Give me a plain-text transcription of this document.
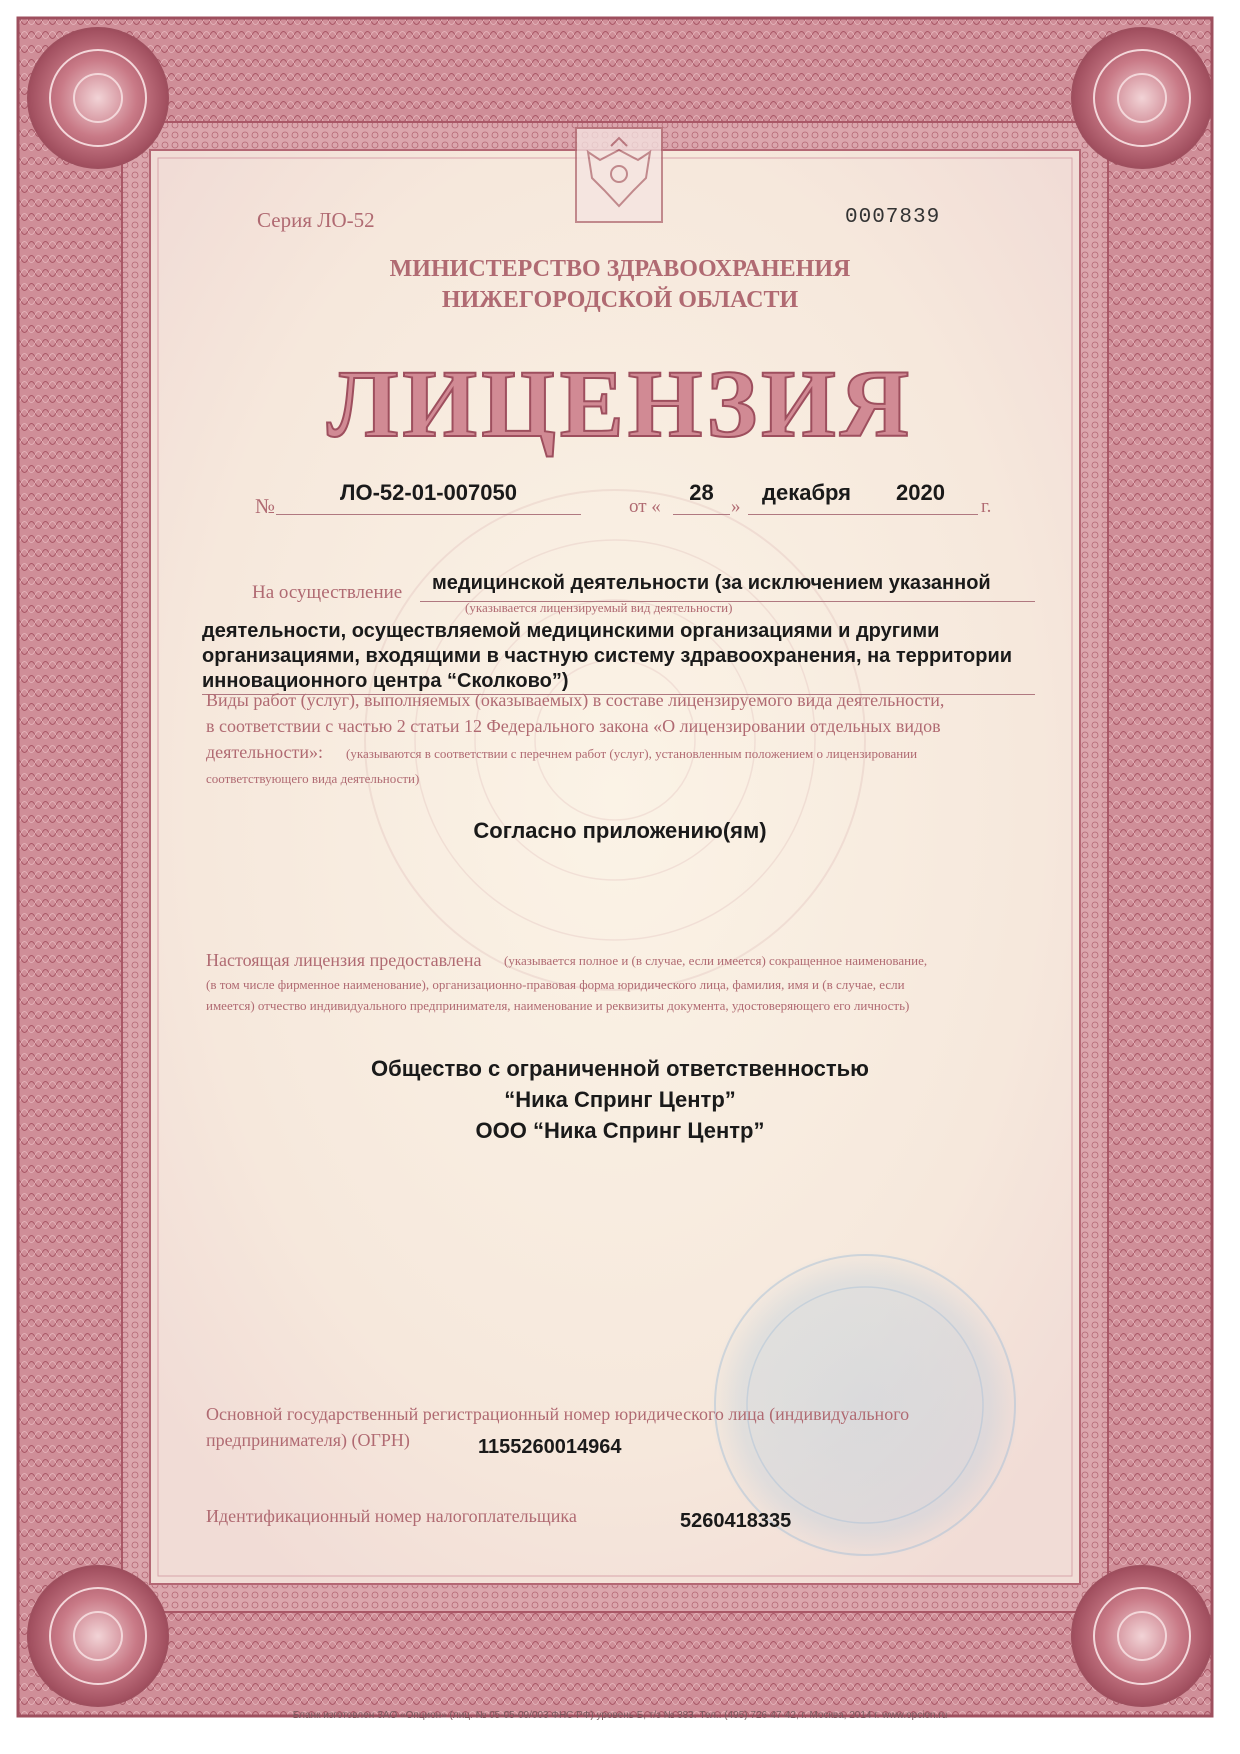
Серия ЛО-52	0007839
МИНИСТЕРСТВО ЗДРАВООХРАНЕНИЯ
НИЖЕГОРОДСКОЙ ОБЛАСТИ
ЛИЦЕНЗИЯ
№
ЛО-52-01-007050
от «
28
»
декабря 2020
г.
На осуществление медицинской деятельности (за исключением указанной
(указывается лицензируемый вид деятельности)
деятельности, осуществляемой медицинскими организациями и другими
организациями, входящими в частную систему здравоохранения, на территории
инновационного центра “Сколково”)
Виды работ (услуг), выполняемых (оказываемых) в составе лицензируемого вида деятельности,
в соответствии с частью 2 статьи 12 Федерального закона «О лицензировании отдельных видов
деятельности»: (указываются в соответствии с перечнем работ (услуг), установленным положением о лицензировании
соответствующего вида деятельности)
Согласно приложению(ям)
Настоящая лицензия предоставлена (указывается полное и (в случае, если имеется) сокращенное наименование,
(в том числе фирменное наименование), организационно-правовая форма юридического лица, фамилия, имя и (в случае, если
имеется) отчество индивидуального предпринимателя, наименование и реквизиты документа, удостоверяющего его личность)
Общество с ограниченной ответственностью
“Ника Спринг Центр”
ООО “Ника Спринг Центр”
Основной государственный регистрационный номер юридического лица (индивидуального
предпринимателя) (ОГРН)	1155260014964
Идентификационный номер налогоплательщика	5260418335
Бланк изготовлен ЗАО «Опцион» (лиц. № 05-05-09/003 ФНС РФ) уровень Б, т/з № 383. Тел.: (495) 726-47-42, г. Москва, 2014 г. www.opcion.ru
